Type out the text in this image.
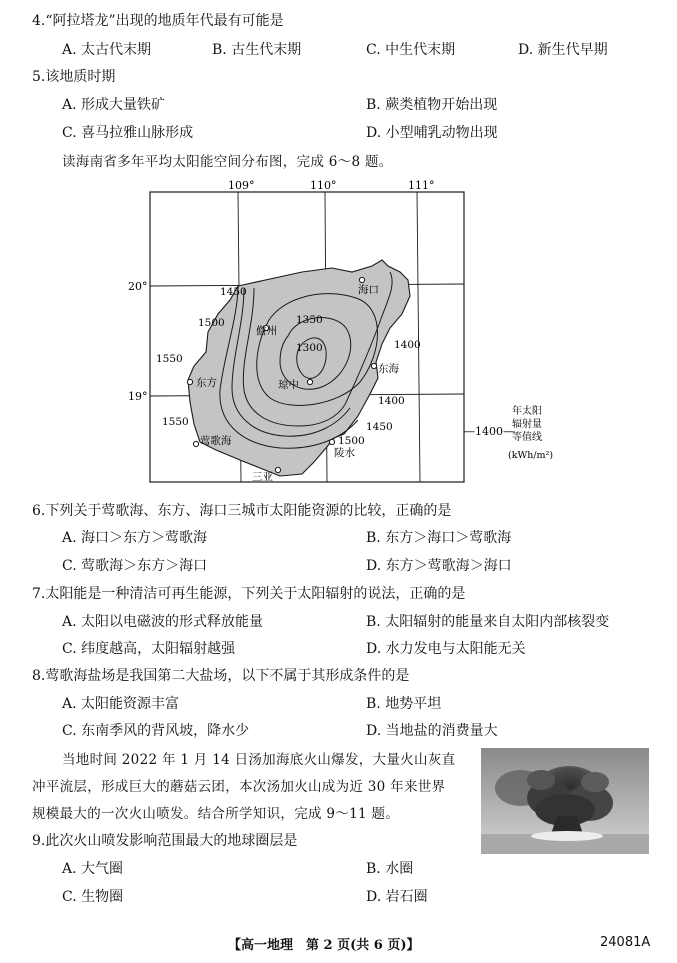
4.“阿拉塔龙”出现的地质年代最有可能是
A. 太古代末期	B. 古生代末期	C. 中生代末期	D. 新生代早期
5.该地质时期
A. 形成大量铁矿	B. 蕨类植物开始出现
C. 喜马拉雅山脉形成	D. 小型哺乳动物出现
读海南省多年平均太阳能空间分布图，完成 6～8 题。
109°	110°	111°
20°
19°
1450
1500	1350
1300
1550
1400
1400
1450
1500
1550
海口
儋州
东方	琼中
东海
莺歌海
陵水
三亚
—1400—
年太阳
辐射量
等值线
(kWh/m²)
6.下列关于莺歌海、东方、海口三城市太阳能资源的比较，正确的是
A. 海口＞东方＞莺歌海	B. 东方＞海口＞莺歌海
C. 莺歌海＞东方＞海口	D. 东方＞莺歌海＞海口
7.太阳能是一种清洁可再生能源，下列关于太阳辐射的说法，正确的是
A. 太阳以电磁波的形式释放能量	B. 太阳辐射的能量来自太阳内部核裂变
C. 纬度越高，太阳辐射越强	D. 水力发电与太阳能无关
8.莺歌海盐场是我国第二大盐场，以下不属于其形成条件的是
A. 太阳能资源丰富	B. 地势平坦
C. 东南季风的背风坡，降水少	D. 当地盐的消费量大
当地时间 2022 年 1 月 14 日汤加海底火山爆发，大量火山灰直
冲平流层，形成巨大的蘑菇云团，本次汤加火山成为近 30 年来世界
规模最大的一次火山喷发。结合所学知识，完成 9～11 题。
9.此次火山喷发影响范围最大的地球圈层是
A. 大气圈	B. 水圈
C. 生物圈	D. 岩石圈
【高一地理　第 2 页(共 6 页)】	24081A
